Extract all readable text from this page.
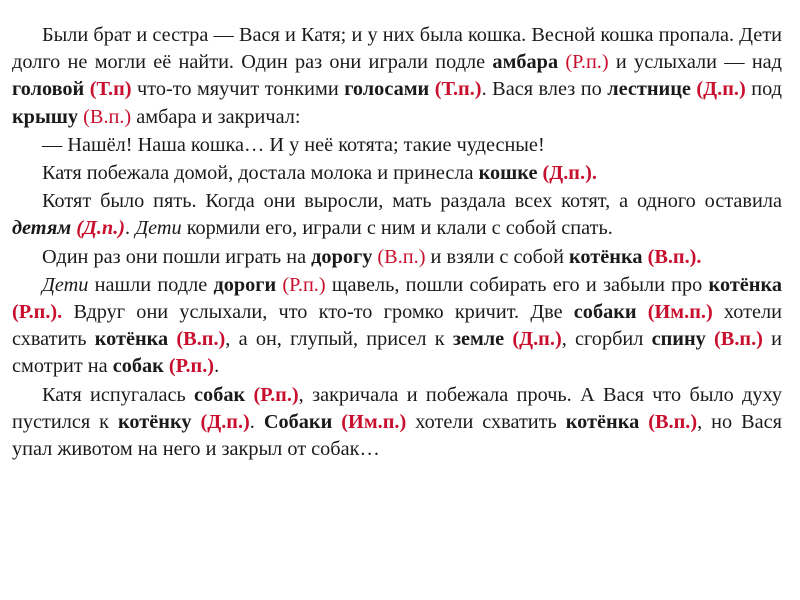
Были брат и сестра — Вася и Катя; и у них была кошка. Весной кошка пропала. Дети долго не могли её найти. Один раз они играли подле амбара (Р.п.) и услыхали — над головой (Т.п) что-то мяучит тонкими голосами (Т.п.). Вася влез по лестнице (Д.п.) под крышу (В.п.) амбара и закричал:

— Нашёл! Наша кошка… И у неё котята; такие чудесные!

Катя побежала домой, достала молока и принесла кошке (Д.п.).

Котят было пять. Когда они выросли, мать раздала всех котят, а одного оставила детям (Д.п.). Дети кормили его, играли с ним и клали с собой спать.

Один раз они пошли играть на дорогу (В.п.) и взяли с собой котёнка (В.п.).

Дети нашли подле дороги (Р.п.) щавель, пошли собирать его и забыли про котёнка (Р.п.). Вдруг они услыхали, что кто-то громко кричит. Две собаки (Им.п.) хотели схватить котёнка (В.п.), а он, глупый, присел к земле (Д.п.), сгорбил спину (В.п.) и смотрит на собак (Р.п.).

Катя испугалась собак (Р.п.), закричала и побежала прочь. А Вася что было духу пустился к котёнку (Д.п.). Собаки (Им.п.) хотели схватить котёнка (В.п.), но Вася упал животом на него и закрыл от собак…
